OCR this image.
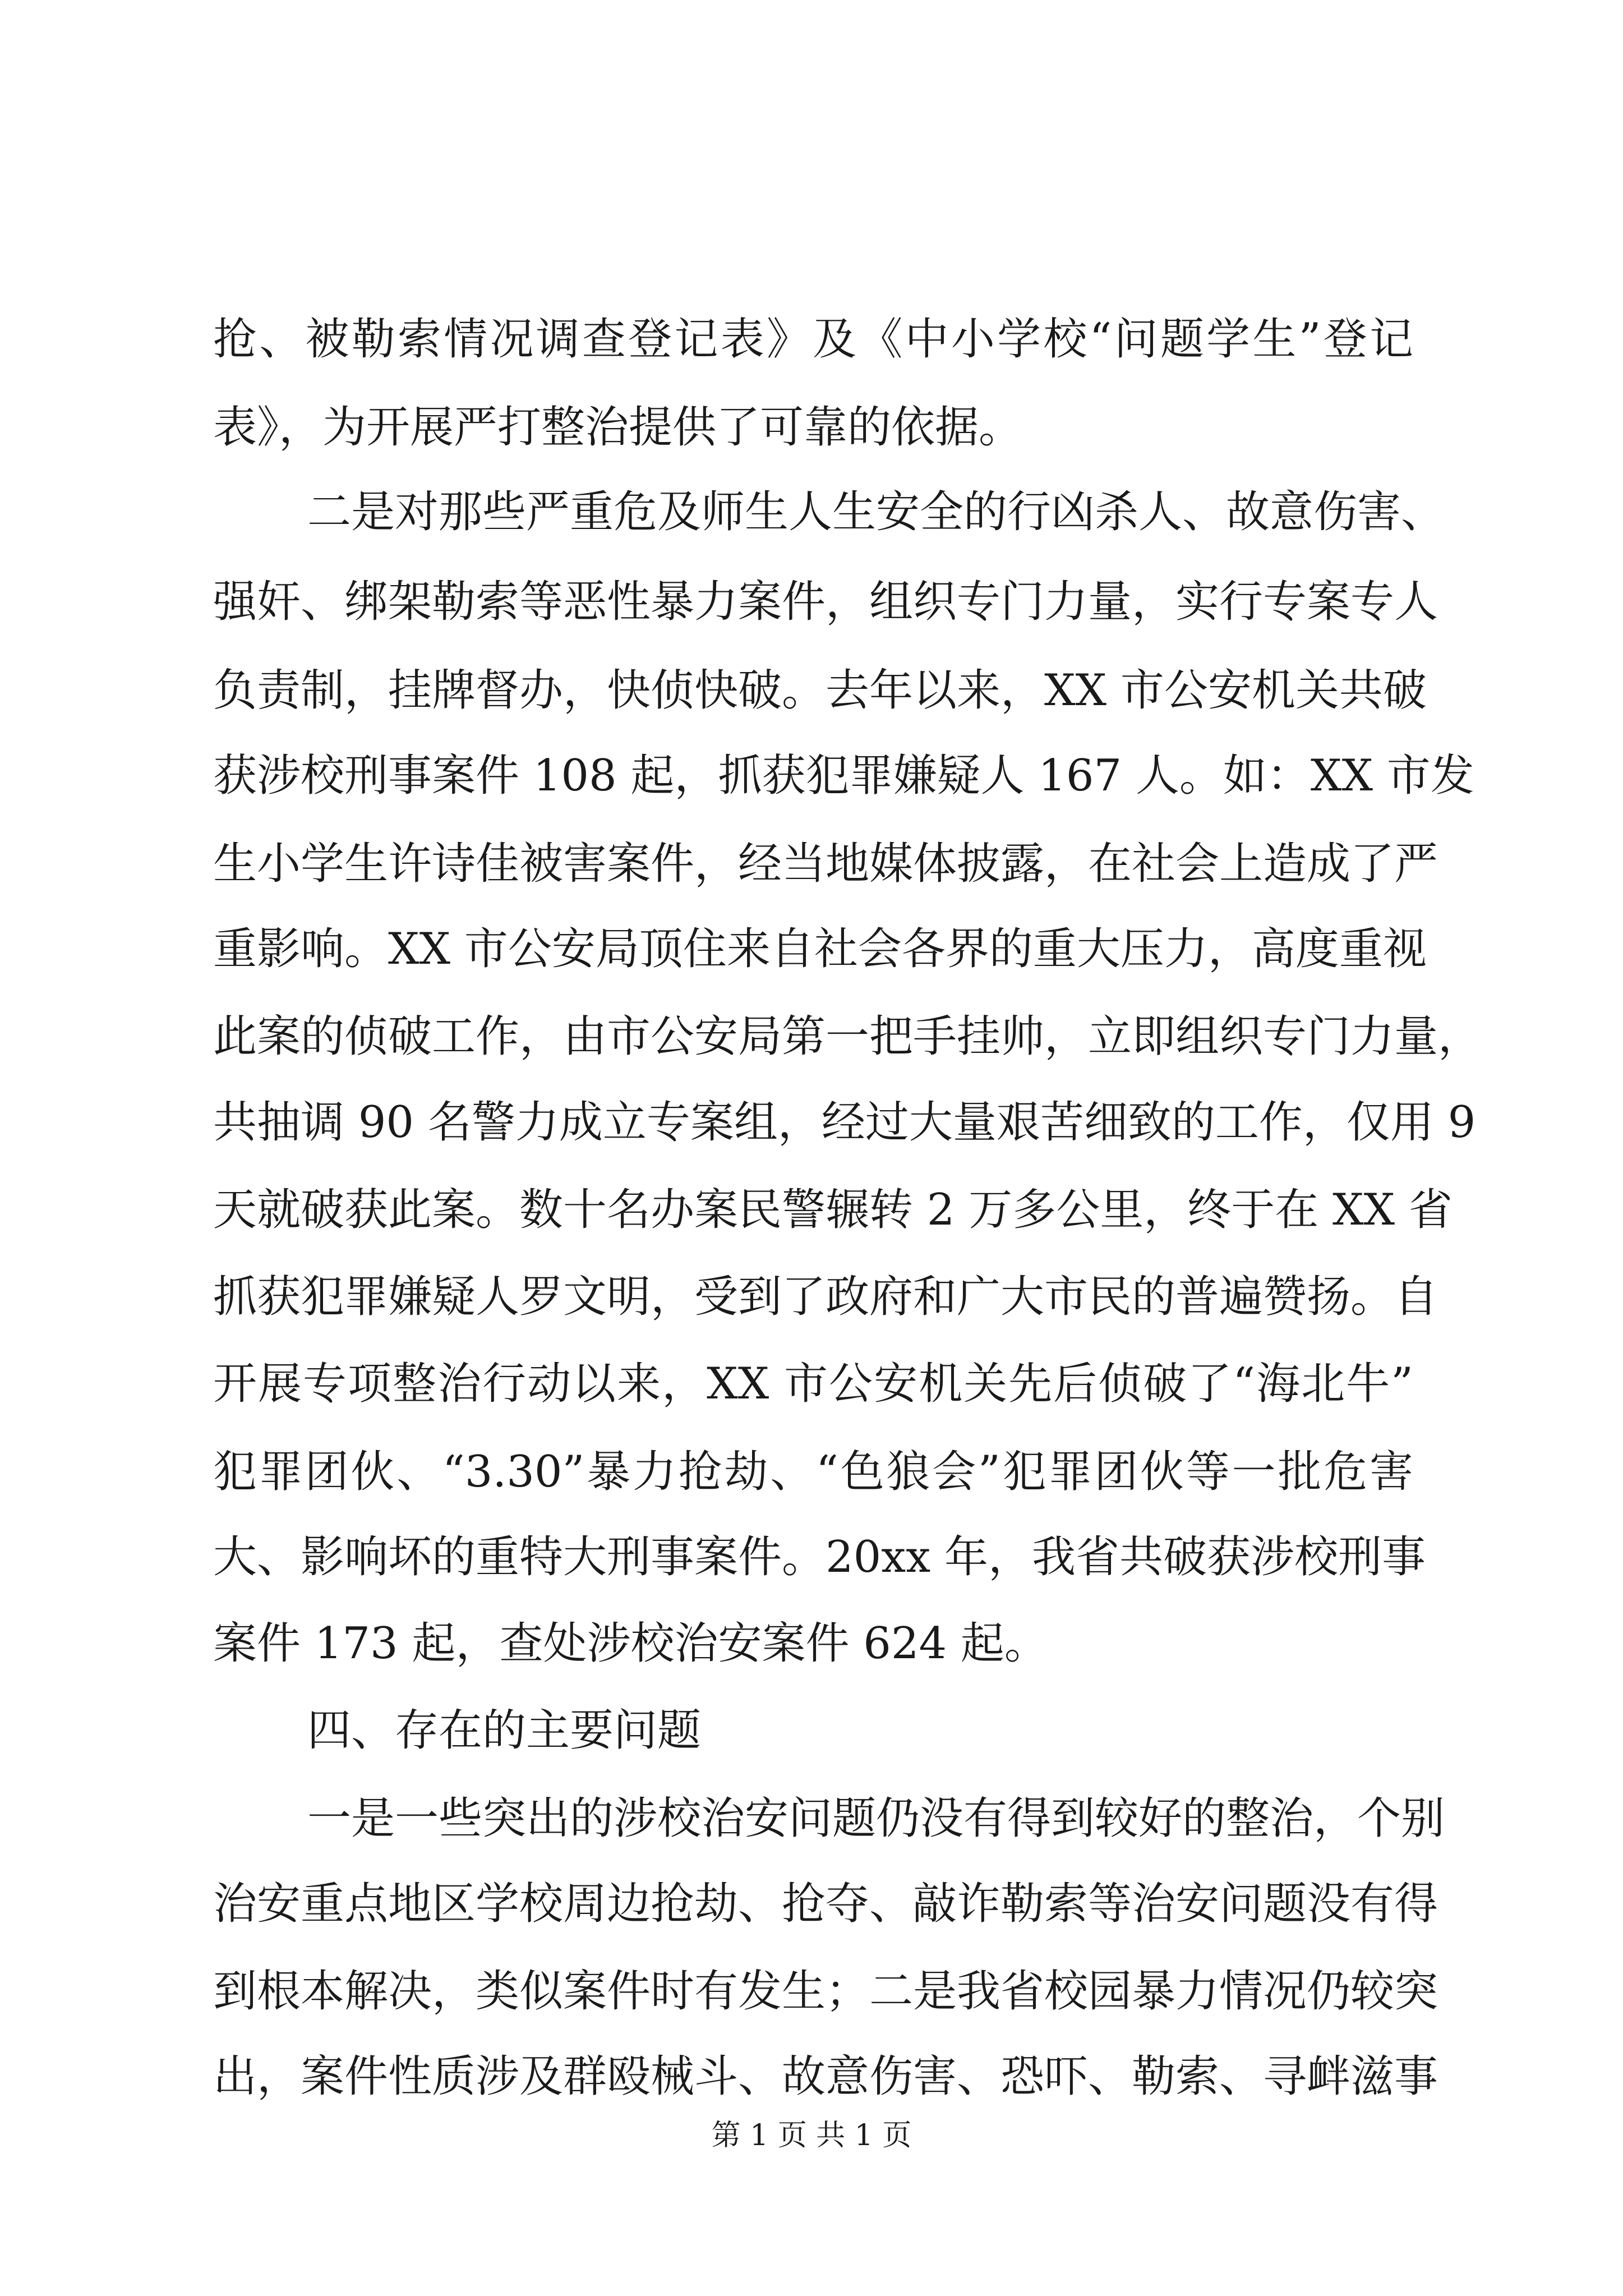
抢、被勒索情况调查登记表》及《中小学校“问题学生”登记
表》，为开展严打整治提供了可靠的依据。
二是对那些严重危及师生人生安全的行凶杀人、故意伤害、
强奸、绑架勒索等恶性暴力案件，组织专门力量，实行专案专人
负责制，挂牌督办，快侦快破。去年以来，XX 市公安机关共破
获涉校刑事案件 108 起，抓获犯罪嫌疑人 167 人。如：XX 市发
生小学生许诗佳被害案件，经当地媒体披露，在社会上造成了严
重影响。XX 市公安局顶住来自社会各界的重大压力，高度重视
此案的侦破工作，由市公安局第一把手挂帅，立即组织专门力量，
共抽调 90 名警力成立专案组，经过大量艰苦细致的工作，仅用 9
天就破获此案。数十名办案民警辗转 2 万多公里，终于在 XX 省
抓获犯罪嫌疑人罗文明，受到了政府和广大市民的普遍赞扬。自
开展专项整治行动以来，XX 市公安机关先后侦破了“海北牛”
犯罪团伙、“3.30”暴力抢劫、“色狼会”犯罪团伙等一批危害
大、影响坏的重特大刑事案件。20xx 年，我省共破获涉校刑事
案件 173 起，查处涉校治安案件 624 起。
四、存在的主要问题
一是一些突出的涉校治安问题仍没有得到较好的整治，个别
治安重点地区学校周边抢劫、抢夺、敲诈勒索等治安问题没有得
到根本解决，类似案件时有发生；二是我省校园暴力情况仍较突
出，案件性质涉及群殴械斗、故意伤害、恐吓、勒索、寻衅滋事
第 1 页 共 1 页
